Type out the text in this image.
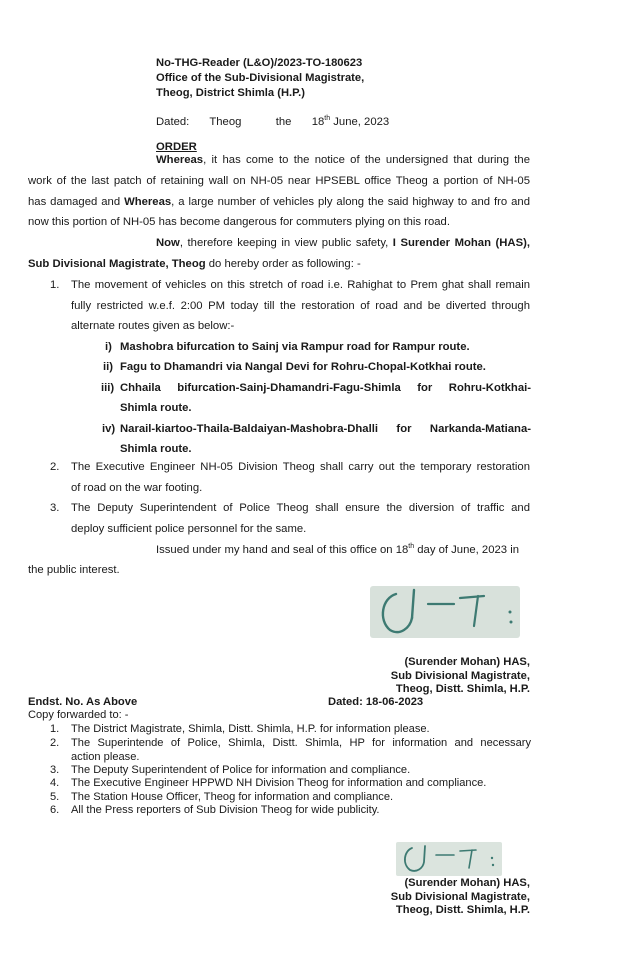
No-THG-Reader (L&O)/2023-TO-180623
Office of the Sub-Divisional Magistrate,
Theog, District Shimla (H.P.)
Dated: Theog	the 18th June, 2023
ORDER
Whereas, it has come to the notice of the undersigned that during the
work of the last patch of retaining wall on NH-05 near HPSEBL office Theog a portion of NH-05
has damaged and Whereas, a large number of vehicles ply along the said highway to and fro and
now this portion of NH-05 has become dangerous for commuters plying on this road.
Now, therefore keeping in view public safety, I Surender Mohan (HAS),
Sub Divisional Magistrate, Theog do hereby order as following: -
1. The movement of vehicles on this stretch of road i.e. Rahighat to Prem ghat shall remain
fully restricted w.e.f. 2:00 PM today till the restoration of road and be diverted through
alternate routes given as below:-
i) Mashobra bifurcation to Sainj via Rampur road for Rampur route.
ii) Fagu to Dhamandri via Nangal Devi for Rohru-Chopal-Kotkhai route.
iii) Chhaila bifurcation-Sainj-Dhamandri-Fagu-Shimla for Rohru-Kotkhai-
Shimla route.
iv) Narail-kiartoo-Thaila-Baldaiyan-Mashobra-Dhalli for Narkanda-Matiana-
Shimla route.
2. The Executive Engineer NH-05 Division Theog shall carry out the temporary restoration
of road on the war footing.
3. The Deputy Superintendent of Police Theog shall ensure the diversion of traffic and
deploy sufficient police personnel for the same.
Issued under my hand and seal of this office on 18th day of June, 2023 in
the public interest.
(Surender Mohan) HAS,
Sub Divisional Magistrate,
Theog, Distt. Shimla, H.P.
Endst. No. As Above	Dated: 18-06-2023
Copy forwarded to: -
1. The District Magistrate, Shimla, Distt. Shimla, H.P. for information please.
2. The Superintende of Police, Shimla, Distt. Shimla, HP for information and necessary
action please.
3. The Deputy Superintendent of Police for information and compliance.
4. The Executive Engineer HPPWD NH Division Theog for information and compliance.
5. The Station House Officer, Theog for information and compliance.
6. All the Press reporters of Sub Division Theog for wide publicity.
(Surender Mohan) HAS,
Sub Divisional Magistrate,
Theog, Distt. Shimla, H.P.
